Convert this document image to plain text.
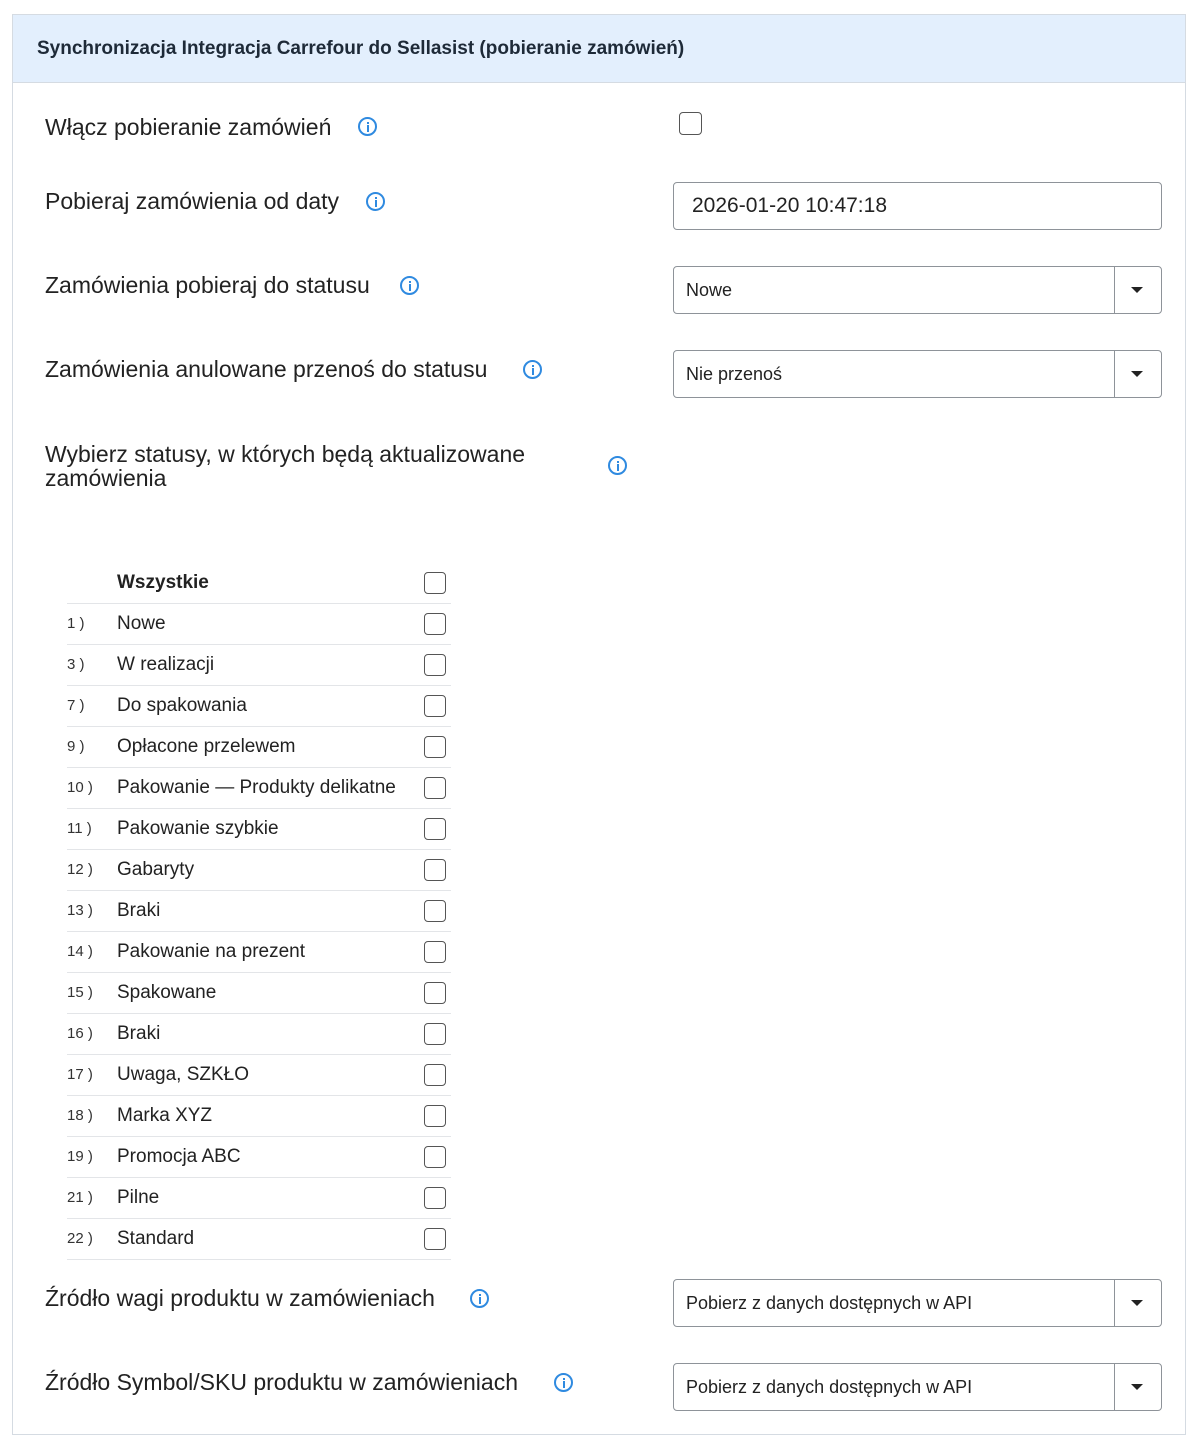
Synchronizacja Integracja Carrefour do Sellasist (pobieranie zamówień)
Włącz pobieranie zamówień
Pobieraj zamówienia od daty	2026-01-20 10:47:18
Zamówienia pobieraj do statusu	Nowe
Zamówienia anulowane przenoś do statusu	Nie przenoś
Wybierz statusy, w których będą aktualizowane zamówienia
Wszystkie
1 ) Nowe
3 ) W realizacji
7 ) Do spakowania
9 ) Opłacone przelewem
10 ) Pakowanie — Produkty delikatne
11 ) Pakowanie szybkie
12 ) Gabaryty
13 ) Braki
14 ) Pakowanie na prezent
15 ) Spakowane
16 ) Braki
17 ) Uwaga, SZKŁO
18 ) Marka XYZ
19 ) Promocja ABC
21 ) Pilne
22 ) Standard
Źródło wagi produktu w zamówieniach	Pobierz z danych dostępnych w API
Źródło Symbol/SKU produktu w zamówieniach	Pobierz z danych dostępnych w API
